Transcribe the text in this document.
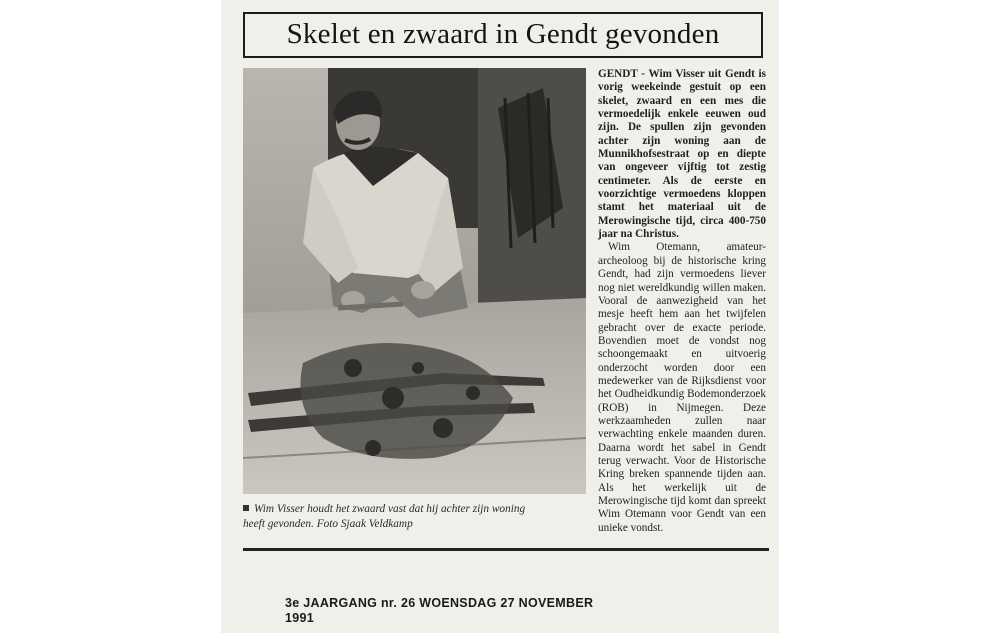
Skelet en zwaard in Gendt gevonden
Wim Visser houdt het zwaard vast dat hij achter zijn woning
heeft gevonden. Foto Sjaak Veldkamp

GENDT - Wim Visser uit Gendt is vorig weekeinde gestuit op een skelet, zwaard en een mes die vermoedelijk enkele eeuwen oud zijn. De spullen zijn gevonden achter zijn woning aan de Munnikhofsestraat op en diepte van ongeveer vijftig tot zestig centimeter. Als de eerste en voorzichtige vermoedens kloppen stamt het materiaal uit de Merowingische tijd, circa 400-750 jaar na Christus.

Wim Otemann, amateur-archeoloog bij de historische kring Gendt, had zijn vermoedens liever nog niet wereldkundig willen maken. Vooral de aanwezigheid van het mesje heeft hem aan het twijfelen gebracht over de exacte periode. Bovendien moet de vondst nog schoongemaakt en uitvoerig onderzocht worden door een medewerker van de Rijksdienst voor het Oudheidkundig Bodemonderzoek (ROB) in Nijmegen. Deze werkzaamheden zullen naar verwachting enkele maanden duren. Daarna wordt het sabel in Gendt terug verwacht. Voor de Historische Kring breken spannende tijden aan. Als het werkelijk uit de Merowingische tijd komt dan spreekt Wim Otemann voor Gendt van een unieke vondst.

3e JAARGANG nr. 26 WOENSDAG 27 NOVEMBER
1991
